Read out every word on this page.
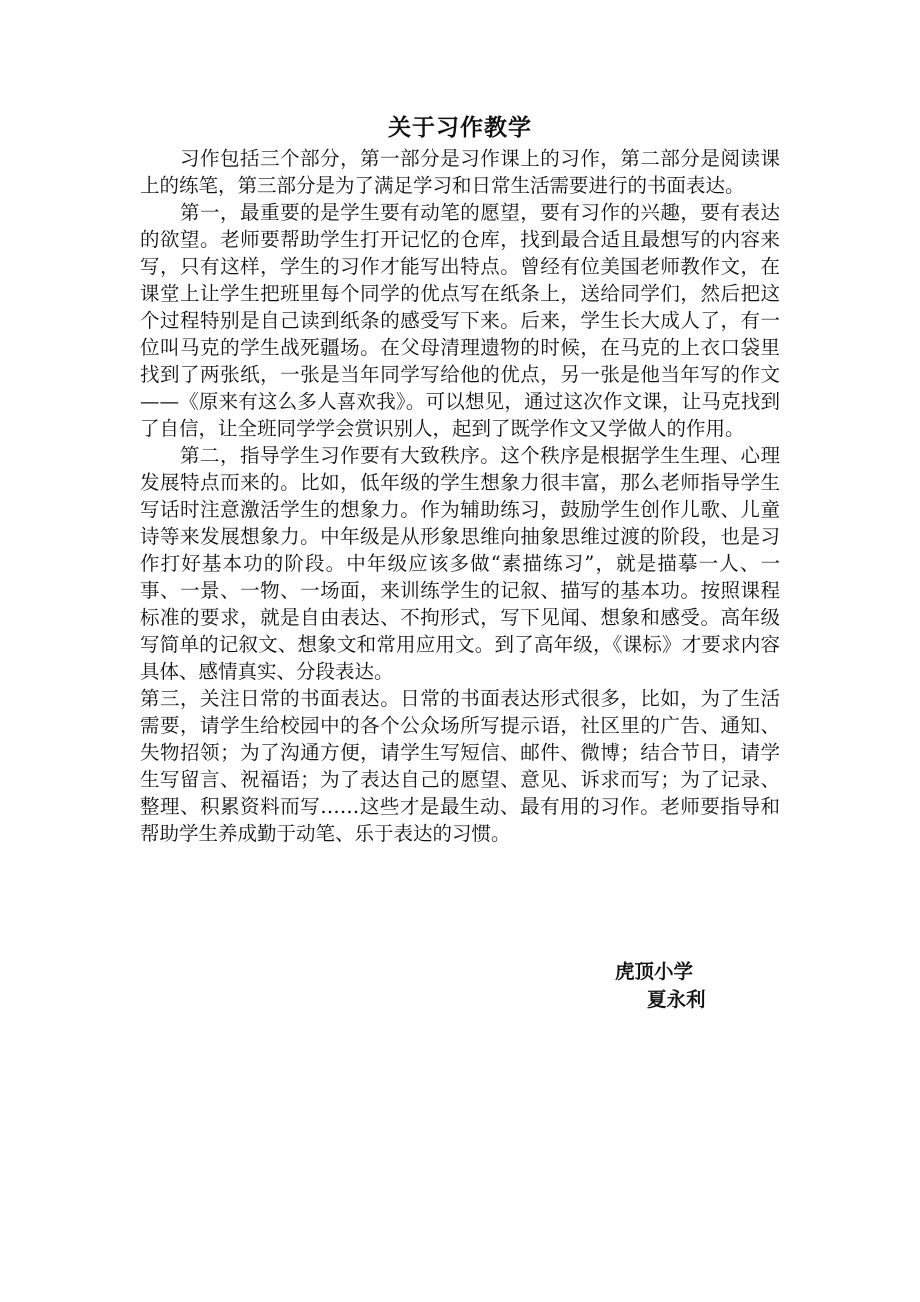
关于习作教学

习作包括三个部分，第一部分是习作课上的习作，第二部分是阅读课上的练笔，第三部分是为了满足学习和日常生活需要进行的书面表达。

第一，最重要的是学生要有动笔的愿望，要有习作的兴趣，要有表达的欲望。老师要帮助学生打开记忆的仓库，找到最合适且最想写的内容来写，只有这样，学生的习作才能写出特点。曾经有位美国老师教作文，在课堂上让学生把班里每个同学的优点写在纸条上，送给同学们，然后把这个过程特别是自己读到纸条的感受写下来。后来，学生长大成人了，有一位叫马克的学生战死疆场。在父母清理遗物的时候，在马克的上衣口袋里找到了两张纸，一张是当年同学写给他的优点，另一张是他当年写的作文——《原来有这么多人喜欢我》。可以想见，通过这次作文课，让马克找到了自信，让全班同学学会赏识别人，起到了既学作文又学做人的作用。

第二，指导学生习作要有大致秩序。这个秩序是根据学生生理、心理发展特点而来的。比如，低年级的学生想象力很丰富，那么老师指导学生写话时注意激活学生的想象力。作为辅助练习，鼓励学生创作儿歌、儿童诗等来发展想象力。中年级是从形象思维向抽象思维过渡的阶段，也是习作打好基本功的阶段。中年级应该多做“素描练习”，就是描摹一人、一事、一景、一物、一场面，来训练学生的记叙、描写的基本功。按照课程标准的要求，就是自由表达、不拘形式，写下见闻、想象和感受。高年级写简单的记叙文、想象文和常用应用文。到了高年级，《课标》才要求内容具体、感情真实、分段表达。

第三，关注日常的书面表达。日常的书面表达形式很多，比如，为了生活需要，请学生给校园中的各个公众场所写提示语，社区里的广告、通知、失物招领；为了沟通方便，请学生写短信、邮件、微博；结合节日，请学生写留言、祝福语；为了表达自己的愿望、意见、诉求而写；为了记录、整理、积累资料而写……这些才是最生动、最有用的习作。老师要指导和帮助学生养成勤于动笔、乐于表达的习惯。

虎顶小学
夏永利
